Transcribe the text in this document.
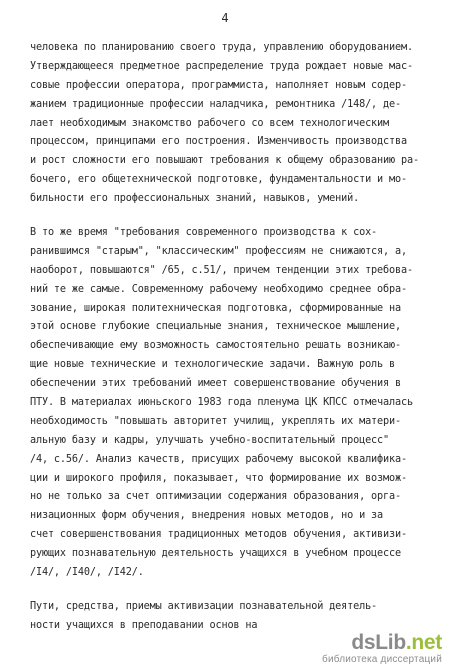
4
человека по планированию своего труда, управлению оборудованием.
Утверждающееся предметное распределение труда рождает новые мас-
совые профессии оператора, программиста, наполняет новым содер-
жанием традиционные профессии наладчика, ремонтника /148/, де-
лает необходимым знакомство рабочего со всем технологическим
процессом, принципами его построения. Изменчивость производства
и рост сложности его повышают требования к общему образованию ра-
бочего, его общетехнической подготовке, фундаментальности и мо-
бильности его профессиональных знаний, навыков, умений.
В то же время "требования современного производства к сох-
ранившимся "старым", "классическим" профессиям не снижаются, а,
наоборот, повышаются" /65, с.51/, причем тенденции этих требова-
ний те же самые. Современному рабочему необходимо среднее обра-
зование, широкая политехническая подготовка, сформированные на
этой основе глубокие специальные знания, техническое мышление,
обеспечивающие ему возможность самостоятельно решать возникаю-
щие новые технические и технологические задачи. Важную роль в
обеспечении этих требований имеет совершенствование обучения в
ПТУ. В материалах июньского 1983 года пленума ЦК КПСС отмечалась
необходимость "повышать авторитет училищ, укреплять их матери-
альную базу и кадры, улучшать учебно-воспитательный процесс"
/4, с.56/. Анализ качеств, присущих рабочему высокой квалифика-
ции и широкого профиля, показывает, что формирование их возмож-
но не только за счет оптимизации содержания образования, орга-
низационных форм обучения, внедрения новых методов, но и за
счет совершенствования традиционных методов обучения, активизи-
рующих познавательную деятельность учащихся в учебном процессе
/I4/, /I40/, /I42/.
Пути, средства, приемы активизации познавательной деятель-
ности учащихся в преподавании основ на
dsLib.net
библиотека диссертаций
